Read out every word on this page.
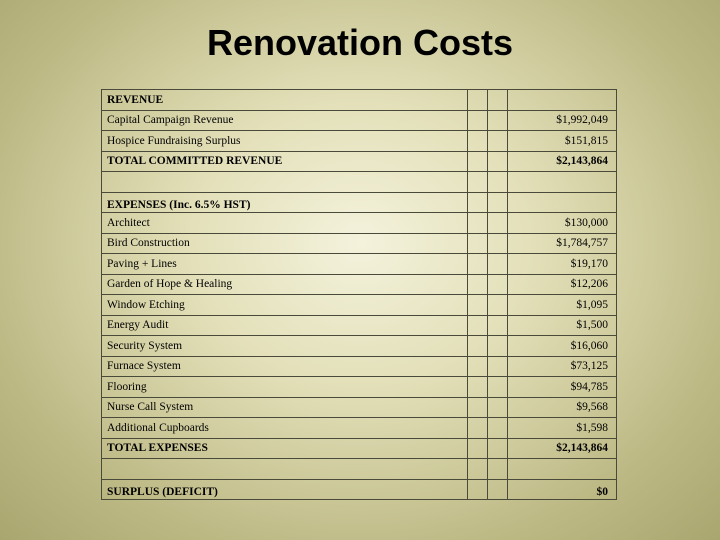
Renovation Costs
REVENUE			
Capital Campaign Revenue			$1,992,049
Hospice Fundraising Surplus			$151,815
TOTAL COMMITTED REVENUE			$2,143,864

EXPENSES (Inc. 6.5% HST)			
Architect			$130,000
Bird Construction			$1,784,757
Paving + Lines			$19,170
Garden of Hope & Healing			$12,206
Window Etching			$1,095
Energy Audit			$1,500
Security System			$16,060
Furnace System			$73,125
Flooring			$94,785
Nurse Call System			$9,568
Additional Cupboards			$1,598
TOTAL EXPENSES			$2,143,864

SURPLUS (DEFICIT)			$0
